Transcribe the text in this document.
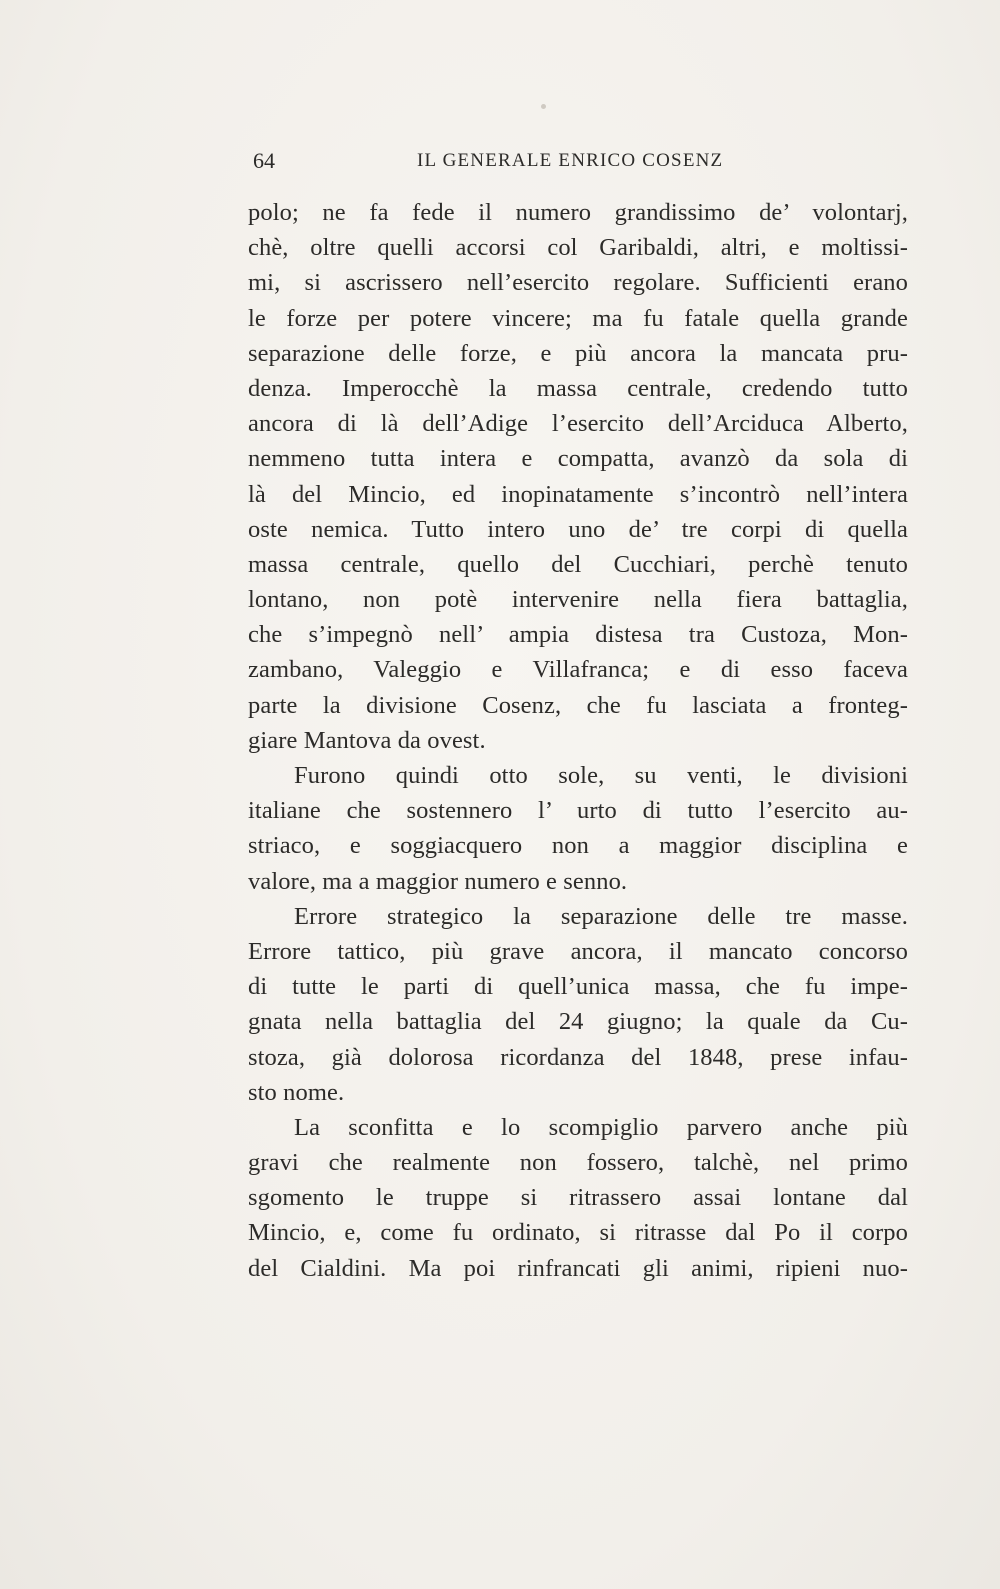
64	IL GENERALE ENRICO COSENZ
polo; ne fa fede il numero grandissimo de’ volontarj,
chè, oltre quelli accorsi col Garibaldi, altri, e moltissi-
mi, si ascrissero nell’esercito regolare. Sufficienti erano
le forze per potere vincere; ma fu fatale quella grande
separazione delle forze, e più ancora la mancata pru-
denza. Imperocchè la massa centrale, credendo tutto
ancora di là dell’Adige l’esercito dell’Arciduca Alberto,
nemmeno tutta intera e compatta, avanzò da sola di
là del Mincio, ed inopinatamente s’incontrò nell’intera
oste nemica. Tutto intero uno de’ tre corpi di quella
massa centrale, quello del Cucchiari, perchè tenuto
lontano, non potè intervenire nella fiera battaglia,
che s’impegnò nell’ ampia distesa tra Custoza, Mon-
zambano, Valeggio e Villafranca; e di esso faceva
parte la divisione Cosenz, che fu lasciata a fronteg-
giare Mantova da ovest.
Furono quindi otto sole, su venti, le divisioni
italiane che sostennero l’ urto di tutto l’esercito au-
striaco, e soggiacquero non a maggior disciplina e
valore, ma a maggior numero e senno.
Errore strategico la separazione delle tre masse.
Errore tattico, più grave ancora, il mancato concorso
di tutte le parti di quell’unica massa, che fu impe-
gnata nella battaglia del 24 giugno; la quale da Cu-
stoza, già dolorosa ricordanza del 1848, prese infau-
sto nome.
La sconfitta e lo scompiglio parvero anche più
gravi che realmente non fossero, talchè, nel primo
sgomento le truppe si ritrassero assai lontane dal
Mincio, e, come fu ordinato, si ritrasse dal Po il corpo
del Cialdini. Ma poi rinfrancati gli animi, ripieni nuo-
